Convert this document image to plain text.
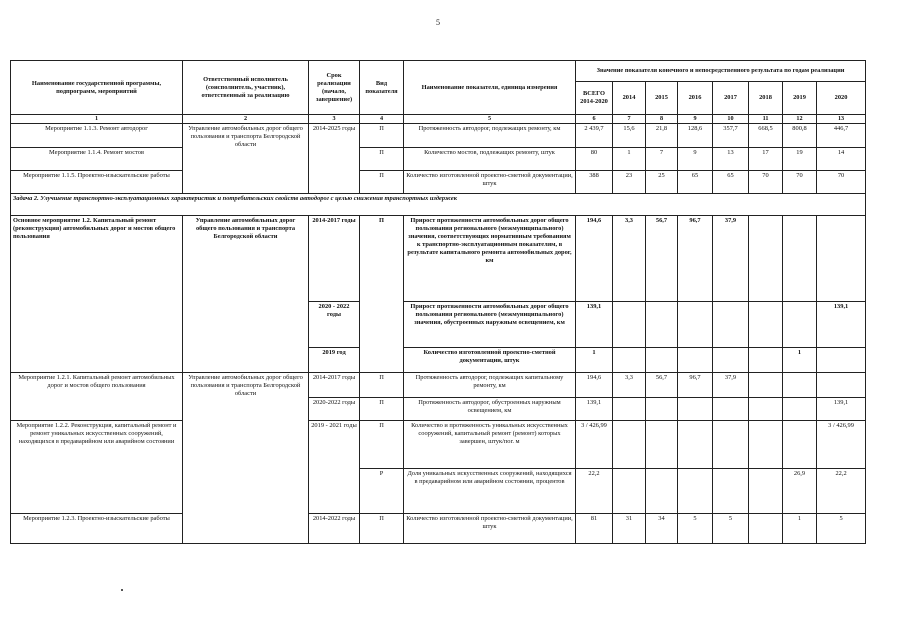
5
Наименование государственной программы, подпрограмм, мероприятий	Ответственный исполнитель (соисполнитель, участник), ответственный за реализацию	Срок реализации (начало, завершение)	Вид показателя	Наименование показателя, единица измерения	Значение показателя конечного и непосредственного результата по годам реализации							
					ВСЕГО 2014-2020	2014	2015	2016	2017	2018	2019	2020
1	2	3	4	5	6	7	8	9	10	11	12	13
Мероприятие 1.1.3. Ремонт автодорог	Управление автомобильных дорог общего пользования и транспорта Белгородской области	2014-2025 годы	П	Протяженность автодорог, подлежащих ремонту, км	2 439,7	15,6	21,8	128,6	357,7	668,5	800,8	446,7
Мероприятие 1.1.4. Ремонт мостов			П	Количество мостов, подлежащих ремонту, штук	80	1	7	9	13	17	19	14
Мероприятие 1.1.5. Проектно-изыскательские работы			П	Количество изготовленной проектно-сметной документации, штук	388	23	25	65	65	70	70	70
Задача 2. Улучшение транспортно-эксплуатационных характеристик и потребительских свойств автодорог с целью снижения транспортных издержек												
Основное мероприятие 1.2. Капитальный ремонт (реконструкция) автомобильных дорог и мостов общего пользования	Управление автомобильных дорог общего пользования и транспорта Белгородской области	2014-2017 годы	П	Прирост протяженности автомобильных дорог общего пользования регионального (межмуниципального) значения, соответствующих нормативным требованиям к транспортно-эксплуатационным показателям, в результате капитального ремонта автомобильных дорог, км	194,6	3,3	56,7	96,7	37,9			
		2020 - 2022 годы		Прирост протяженности автомобильных дорог общего пользования регионального (межмуниципального) значения, обустроенных наружным освещением, км	139,1							139,1
		2019 год		Количество изготовленной проектно-сметной документации, штук	1						1	
Мероприятие 1.2.1. Капитальный ремонт автомобильных дорог и мостов общего пользования	Управление автомобильных дорог общего пользования и транспорта Белгородской области	2014-2017 годы	П	Протяженность автодорог, подлежащих капитальному ремонту, км	194,6	3,3	56,7	96,7	37,9			
		2020-2022 годы	П	Протяженность автодорог, обустроенных наружным освещением, км	139,1							139,1
Мероприятие 1.2.2. Реконструкция, капитальный ремонт и ремонт уникальных искусственных сооружений, находящихся в предаварийном или аварийном состоянии		2019 - 2021 годы	П	Количество и протяженность уникальных искусственных сооружений, капитальный ремонт (ремонт) которых завершен, штук/пог. м	3 / 426,99							3 / 426,99
			Р	Доля уникальных искусственных сооружений, находящихся в предаварийном или аварийном состоянии, процентов	22,2						26,9	22,2
Мероприятие 1.2.3. Проектно-изыскательские работы		2014-2022 годы	П	Количество изготовленной проектно-сметной документации, штук	81	31	34	5	5		1	5
